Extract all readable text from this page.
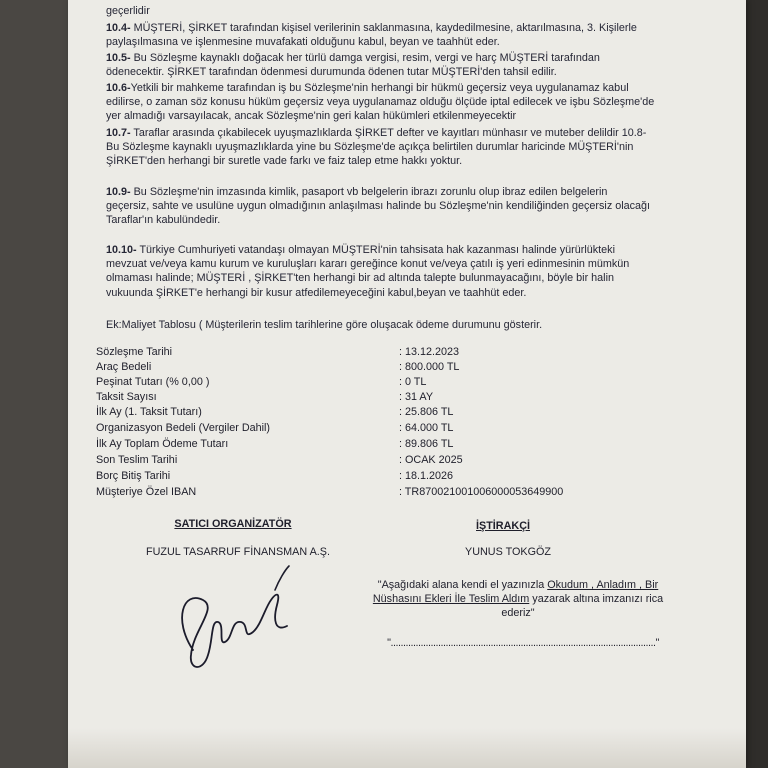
geçerlidir
10.4- MÜŞTERİ, ŞİRKET tarafından kişisel verilerinin saklanmasına, kaydedilmesine, aktarılmasına, 3. Kişilerle
paylaşılmasına ve işlenmesine muvafakati olduğunu kabul, beyan ve taahhüt eder.
10.5- Bu Sözleşme kaynaklı doğacak her türlü damga vergisi, resim, vergi ve harç MÜŞTERİ tarafından
ödenecektir. ŞİRKET tarafından ödenmesi durumunda ödenen tutar MÜŞTERİ'den tahsil edilir.
10.6-Yetkili bir mahkeme tarafından iş bu Sözleşme'nin herhangi bir hükmü geçersiz veya uygulanamaz kabul
edilirse, o zaman söz konusu hüküm geçersiz veya uygulanamaz olduğu ölçüde iptal edilecek ve işbu Sözleşme'de
yer almadığı varsayılacak, ancak Sözleşme'nin geri kalan hükümleri etkilenmeyecektir
10.7- Taraflar arasında çıkabilecek uyuşmazlıklarda ŞİRKET defter ve kayıtları münhasır ve muteber delildir 10.8-
Bu Sözleşme kaynaklı uyuşmazlıklarda yine bu Sözleşme'de açıkça belirtilen durumlar haricinde MÜŞTERİ'nin
ŞİRKET'den herhangi bir suretle vade farkı ve faiz talep etme hakkı yoktur.
10.9- Bu Sözleşme'nin imzasında kimlik, pasaport vb belgelerin ibrazı zorunlu olup ibraz edilen belgelerin
geçersiz, sahte ve usulüne uygun olmadığının anlaşılması halinde bu Sözleşme'nin kendiliğinden geçersiz olacağı
Taraflar'ın kabulündedir.
10.10- Türkiye Cumhuriyeti vatandaşı olmayan MÜŞTERİ'nin tahsisata hak kazanması halinde yürürlükteki
mevzuat ve/veya kamu kurum ve kuruluşları kararı gereğince konut ve/veya çatılı iş yeri edinmesinin mümkün
olmaması halinde; MÜŞTERİ , ŞİRKET'ten herhangi bir ad altında talepte bulunmayacağını, böyle bir halin
vukuunda ŞİRKET'e herhangi bir kusur atfedilemeyeceğini kabul,beyan ve taahhüt eder.
Ek:Maliyet Tablosu ( Müşterilerin teslim tarihlerine göre oluşacak ödeme durumunu gösterir.
Sözleşme Tarihi	: 13.12.2023
Araç Bedeli	: 800.000 TL
Peşinat Tutarı (% 0,00 )	: 0 TL
Taksit Sayısı	: 31 AY
İlk Ay (1. Taksit Tutarı)	: 25.806 TL
Organizasyon Bedeli (Vergiler Dahil)	: 64.000 TL
İlk Ay Toplam Ödeme Tutarı	: 89.806 TL
Son Teslim Tarihi	: OCAK 2025
Borç Bitiş Tarihi	: 18.1.2026
Müşteriye Özel IBAN	: TR870021001006000053649900
SATICI ORGANİZATÖR
FUZUL TASARRUF FİNANSMAN A.Ş.
İŞTİRAKÇİ
YUNUS TOKGÖZ
"Aşağıdaki alana kendi el yazınızla Okudum , Anladım , Bir
Nüshasını Ekleri İle Teslim Aldım yazarak altına imzanızı rica
ederiz"
".........................................................................................................."
